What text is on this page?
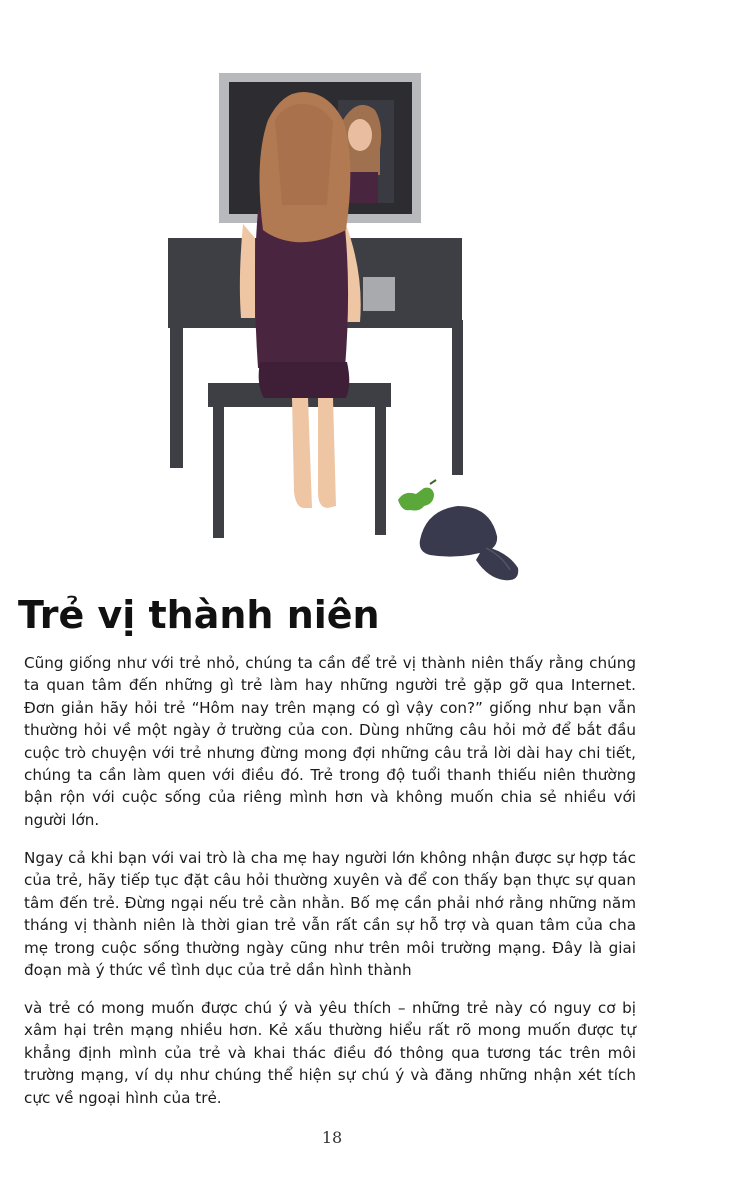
Trẻ vị thành niên

Cũng giống như với trẻ nhỏ, chúng ta cần để trẻ vị thành niên thấy rằng chúng ta quan tâm đến những gì trẻ làm hay những người trẻ gặp gỡ qua Internet. Đơn giản hãy hỏi trẻ “Hôm nay trên mạng có gì vậy con?” giống như bạn vẫn thường hỏi về một ngày ở trường của con. Dùng những câu hỏi mở để bắt đầu cuộc trò chuyện với trẻ nhưng đừng mong đợi những câu trả lời dài hay chi tiết, chúng ta cần làm quen với điều đó. Trẻ trong độ tuổi thanh thiếu niên thường bận rộn với cuộc sống của riêng mình hơn và không muốn chia sẻ nhiều với người lớn.

Ngay cả khi bạn với vai trò là cha mẹ hay người lớn không nhận được sự hợp tác của trẻ, hãy tiếp tục đặt câu hỏi thường xuyên và để con thấy bạn thực sự quan tâm đến trẻ. Đừng ngại nếu trẻ cằn nhằn. Bố mẹ cần phải nhớ rằng những năm tháng vị thành niên là thời gian trẻ vẫn rất cần sự hỗ trợ và quan tâm của cha mẹ trong cuộc sống thường ngày cũng như trên môi trường mạng. Đây là giai đoạn mà ý thức về tình dục của trẻ dần hình thành

và trẻ có mong muốn được chú ý và yêu thích – những trẻ này có nguy cơ bị xâm hại trên mạng nhiều hơn. Kẻ xấu thường hiểu rất rõ mong muốn được tự khẳng định mình của trẻ và khai thác điều đó thông qua tương tác trên môi trường mạng, ví dụ như chúng thể hiện sự chú ý và đăng những nhận xét tích cực về ngoại hình của trẻ.

18
